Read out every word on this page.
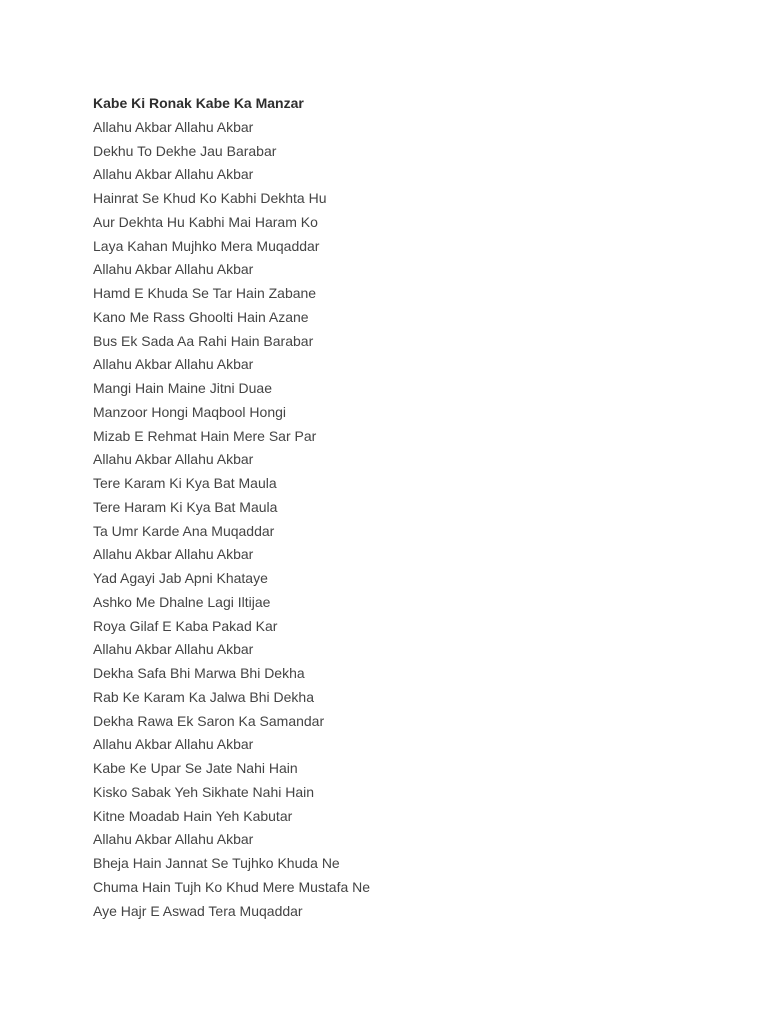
Kabe Ki Ronak Kabe Ka Manzar
Allahu Akbar Allahu Akbar
Dekhu To Dekhe Jau Barabar
Allahu Akbar Allahu Akbar
Hainrat Se Khud Ko Kabhi Dekhta Hu
Aur Dekhta Hu Kabhi Mai Haram Ko
Laya Kahan Mujhko Mera Muqaddar
Allahu Akbar Allahu Akbar
Hamd E Khuda Se Tar Hain Zabane
Kano Me Rass Ghoolti Hain Azane
Bus Ek Sada Aa Rahi Hain Barabar
Allahu Akbar Allahu Akbar
Mangi Hain Maine Jitni Duae
Manzoor Hongi Maqbool Hongi
Mizab E Rehmat Hain Mere Sar Par
Allahu Akbar Allahu Akbar
Tere Karam Ki Kya Bat Maula
Tere Haram Ki Kya Bat Maula
Ta Umr Karde Ana Muqaddar
Allahu Akbar Allahu Akbar
Yad Agayi Jab Apni Khataye
Ashko Me Dhalne Lagi Iltijae
Roya Gilaf E Kaba Pakad Kar
Allahu Akbar Allahu Akbar
Dekha Safa Bhi Marwa Bhi Dekha
Rab Ke Karam Ka Jalwa Bhi Dekha
Dekha Rawa Ek Saron Ka Samandar
Allahu Akbar Allahu Akbar
Kabe Ke Upar Se Jate Nahi Hain
Kisko Sabak Yeh Sikhate Nahi Hain
Kitne Moadab Hain Yeh Kabutar
Allahu Akbar Allahu Akbar
Bheja Hain Jannat Se Tujhko Khuda Ne
Chuma Hain Tujh Ko Khud Mere Mustafa Ne
Aye Hajr E Aswad Tera Muqaddar
